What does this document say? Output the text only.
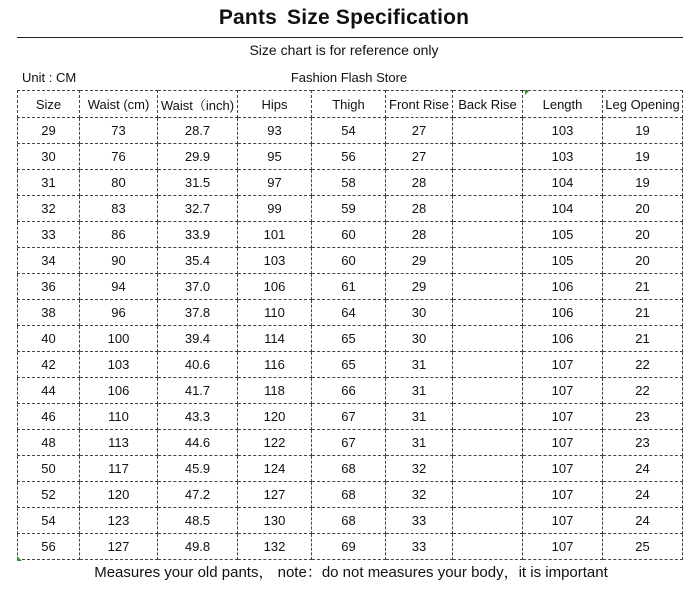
Pants Size Specification
Size chart is for reference only
Unit : CM	Fashion Flash Store
Size	Waist (cm)	Waist（inch)	Hips	Thigh	Front Rise	Back Rise	Length	Leg Opening
29	73	28.7	93	54	27		103	19
30	76	29.9	95	56	27		103	19
31	80	31.5	97	58	28		104	19
32	83	32.7	99	59	28		104	20
33	86	33.9	101	60	28		105	20
34	90	35.4	103	60	29		105	20
36	94	37.0	106	61	29		106	21
38	96	37.8	110	64	30		106	21
40	100	39.4	114	65	30		106	21
42	103	40.6	116	65	31		107	22
44	106	41.7	118	66	31		107	22
46	110	43.3	120	67	31		107	23
48	113	44.6	122	67	31		107	23
50	117	45.9	124	68	32		107	24
52	120	47.2	127	68	32		107	24
54	123	48.5	130	68	33		107	24
56	127	49.8	132	69	33		107	25
Measures your old pants， note：do not measures your body，it is important
